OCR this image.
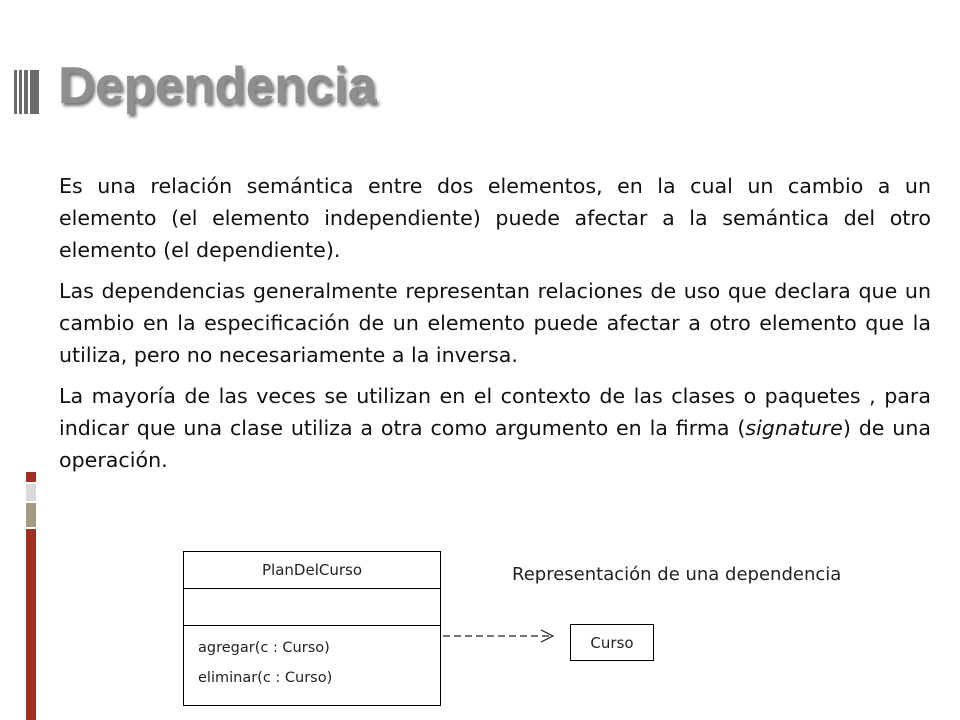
Dependencia

Es una relación semántica entre dos elementos, en la cual un cambio a un elemento (el elemento independiente) puede afectar a la semántica del otro elemento (el dependiente).

Las dependencias generalmente representan relaciones de uso que declara que un cambio en la especificación de un elemento puede afectar a otro elemento que la utiliza, pero no necesariamente a la inversa.

La mayoría de las veces se utilizan en el contexto de las clases o paquetes , para indicar que una clase utiliza a otra como argumento en la firma (signature) de una operación.

PlanDelCurso
agregar(c : Curso)
eliminar(c : Curso)
Curso
Representación de una dependencia
